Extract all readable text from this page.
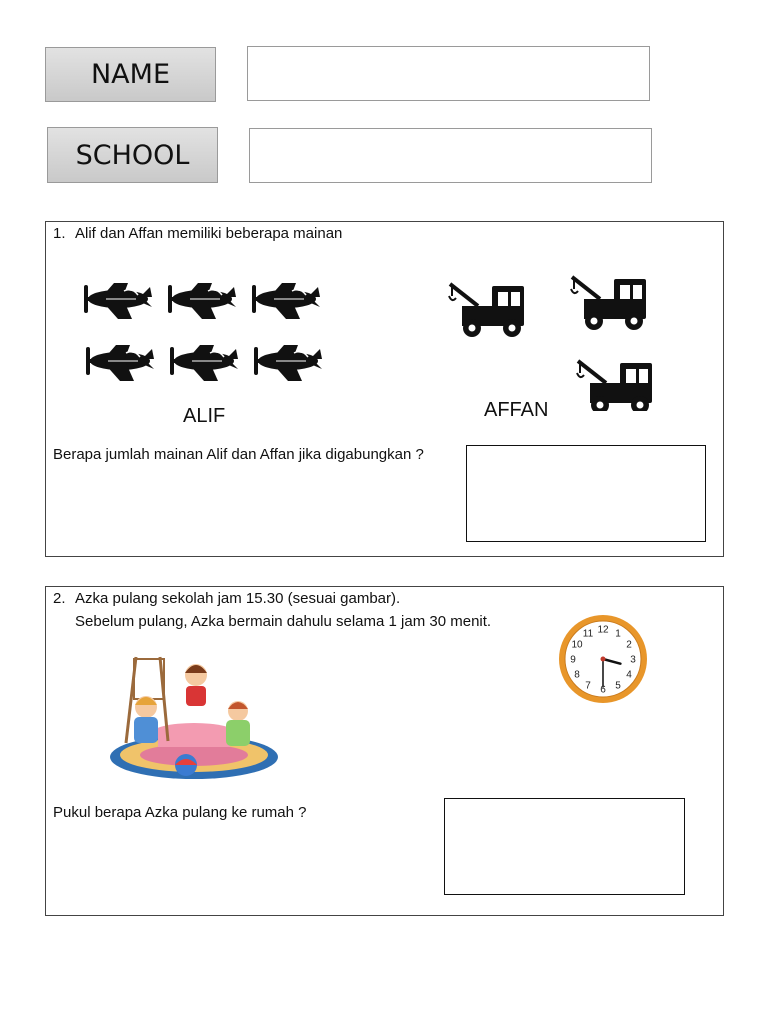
NAME
SCHOOL
1. Alif dan Affan memiliki beberapa mainan
ALIF	AFFAN
Berapa jumlah mainan Alif dan Affan jika digabungkan ?
2. Azka pulang sekolah jam 15.30 (sesuai gambar).
Sebelum pulang, Azka bermain dahulu selama 1 jam 30 menit.	12 1
2
3
4
5
6
7
8
9
10
11
Pukul berapa Azka pulang ke rumah ?
